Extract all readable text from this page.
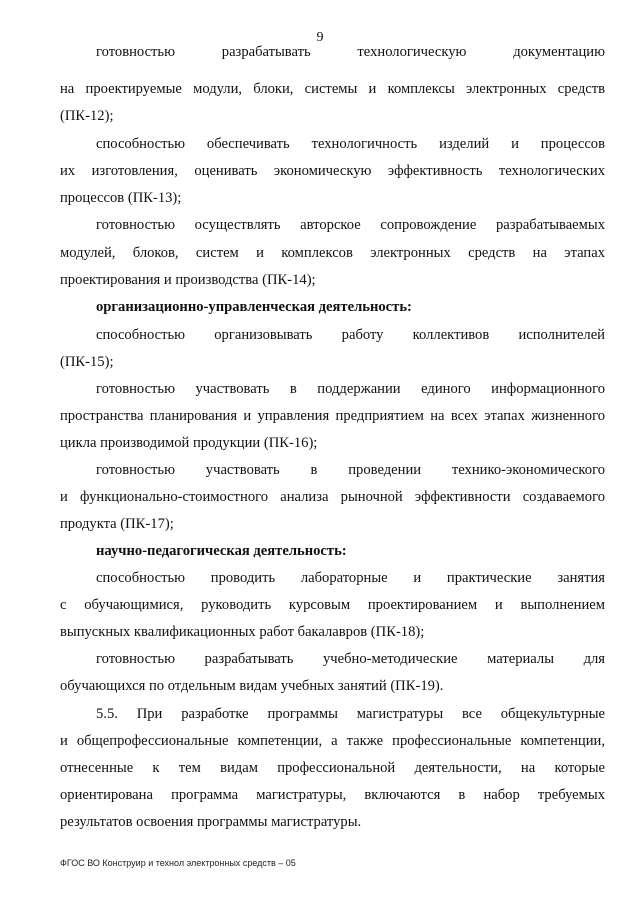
9
готовностью разрабатывать технологическую документацию
на проектируемые модули, блоки, системы и комплексы электронных средств
(ПК-12);
способностью обеспечивать технологичность изделий и процессов
их изготовления, оценивать экономическую эффективность технологических
процессов (ПК-13);
готовностью осуществлять авторское сопровождение разрабатываемых
модулей, блоков, систем и комплексов электронных средств на этапах
проектирования и производства (ПК-14);
организационно-управленческая деятельность:
способностью организовывать работу коллективов исполнителей
(ПК-15);
готовностью участвовать в поддержании единого информационного
пространства планирования и управления предприятием на всех этапах жизненного
цикла производимой продукции (ПК-16);
готовностью участвовать в проведении технико-экономического
и функционально-стоимостного анализа рыночной эффективности создаваемого
продукта (ПК-17);
научно-педагогическая деятельность:
способностью проводить лабораторные и практические занятия
с обучающимися, руководить курсовым проектированием и выполнением
выпускных квалификационных работ бакалавров (ПК-18);
готовностью разрабатывать учебно-методические материалы для
обучающихся по отдельным видам учебных занятий (ПК-19).
5.5. При разработке программы магистратуры все общекультурные
и общепрофессиональные компетенции, а также профессиональные компетенции,
отнесенные к тем видам профессиональной деятельности, на которые
ориентирована программа магистратуры, включаются в набор требуемых
результатов освоения программы магистратуры.
ФГОС ВО Конструир и технол электронных средств – 05
